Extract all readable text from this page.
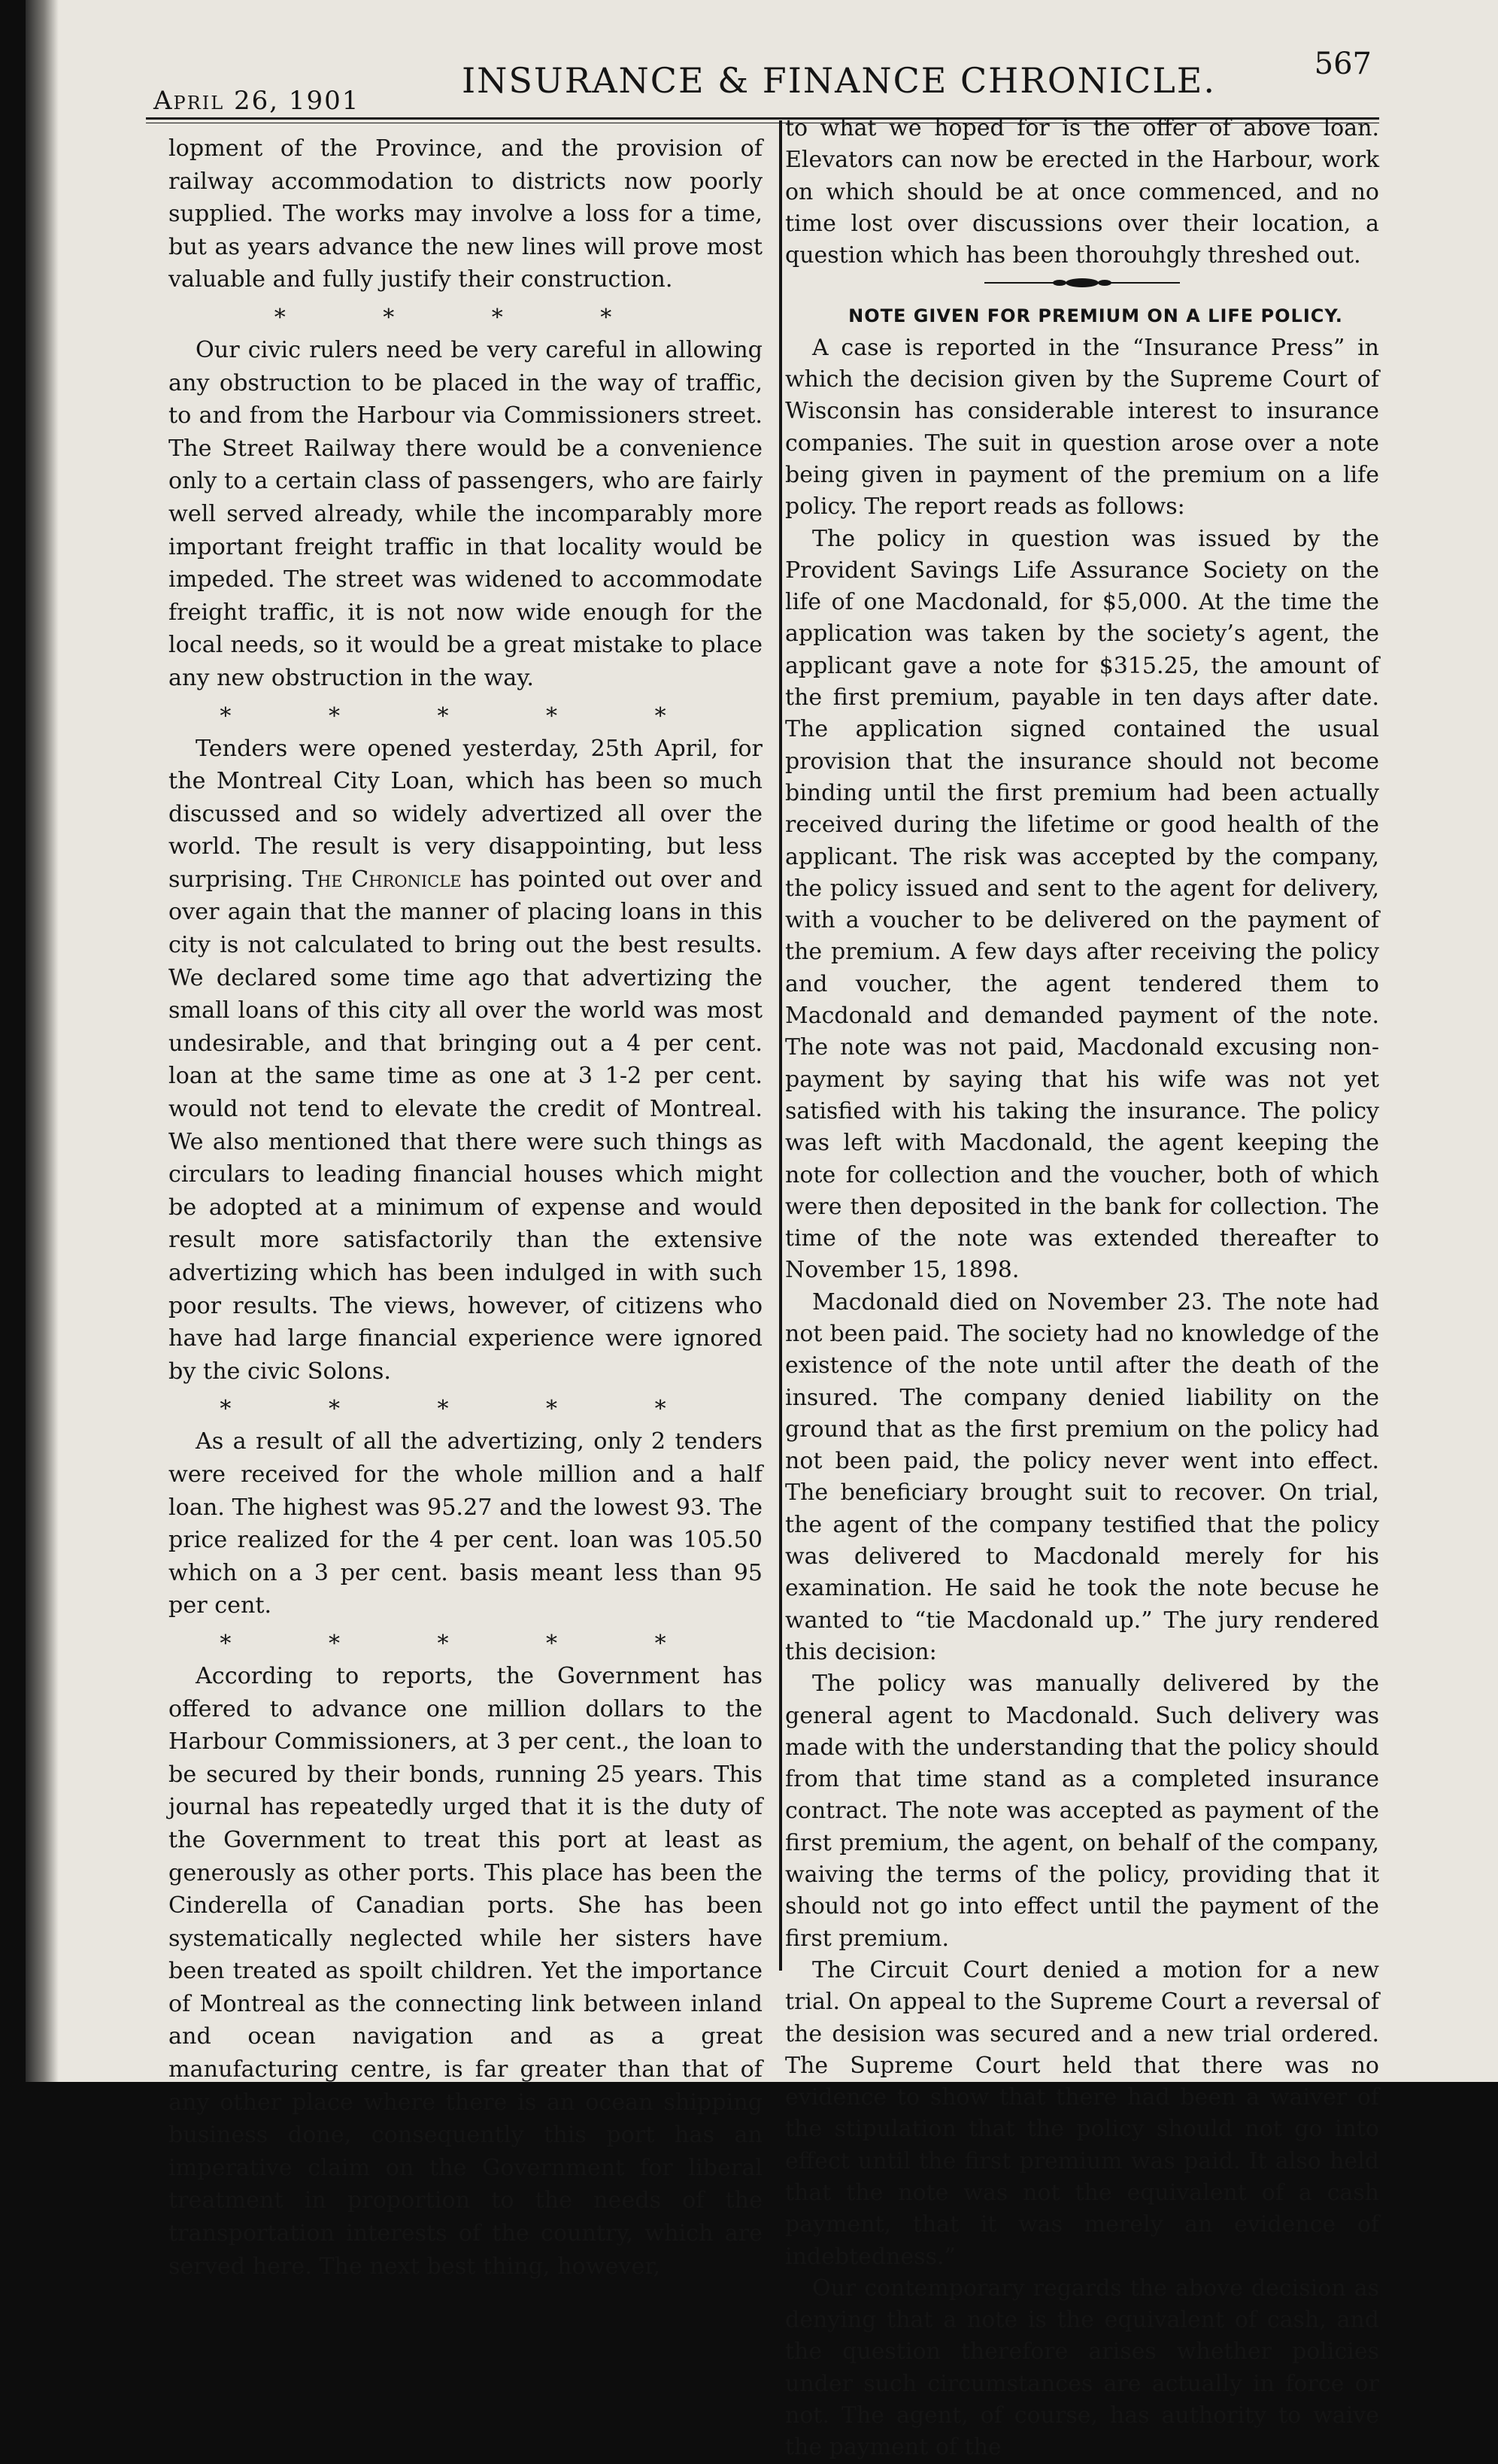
April 26, 1901	INSURANCE & FINANCE CHRONICLE.	567

lopment of the Province, and the provision of railway accommodation to districts now poorly supplied. The works may involve a loss for a time, but as years advance the new lines will prove most valuable and fully justify their construction.

* * * *

Our civic rulers need be very careful in allowing any obstruction to be placed in the way of traffic, to and from the Harbour via Commissioners street. The Street Railway there would be a convenience only to a certain class of passengers, who are fairly well served already, while the incomparably more important freight traffic in that locality would be impeded. The street was widened to accommodate freight traffic, it is not now wide enough for the local needs, so it would be a great mistake to place any new obstruction in the way.

* * * * *

Tenders were opened yesterday, 25th April, for the Montreal City Loan, which has been so much discussed and so widely advertized all over the world. The result is very disappointing, but less surprising. The Chronicle has pointed out over and over again that the manner of placing loans in this city is not calculated to bring out the best results. We declared some time ago that advertizing the small loans of this city all over the world was most undesirable, and that bringing out a 4 per cent. loan at the same time as one at 3 1-2 per cent. would not tend to elevate the credit of Montreal. We also mentioned that there were such things as circulars to leading financial houses which might be adopted at a minimum of expense and would result more satisfactorily than the extensive advertizing which has been indulged in with such poor results. The views, however, of citizens who have had large financial experience were ignored by the civic Solons.

* * * * *

As a result of all the advertizing, only 2 tenders were received for the whole million and a half loan. The highest was 95.27 and the lowest 93. The price realized for the 4 per cent. loan was 105.50 which on a 3 per cent. basis meant less than 95 per cent.

* * * * *

According to reports, the Government has offered to advance one million dollars to the Harbour Commissioners, at 3 per cent., the loan to be secured by their bonds, running 25 years. This journal has repeatedly urged that it is the duty of the Government to treat this port at least as generously as other ports. This place has been the Cinderella of Canadian ports. She has been systematically neglected while her sisters have been treated as spoilt children. Yet the importance of Montreal as the connecting link between inland and ocean navigation and as a great manufacturing centre, is far greater than that of any other place where there is an ocean shipping business done, consequently this port has an imperative claim on the Government for liberal treatment in proportion to the needs of the transportation interests of the country, which are served here. The next best thing, however,

to what we hoped for is the offer of above loan. Elevators can now be erected in the Harbour, work on which should be at once commenced, and no time lost over discussions over their location, a question which has been thorouhgly threshed out.

NOTE GIVEN FOR PREMIUM ON A LIFE POLICY.

A case is reported in the “Insurance Press” in which the decision given by the Supreme Court of Wisconsin has considerable interest to insurance companies. The suit in question arose over a note being given in payment of the premium on a life policy. The report reads as follows:

The policy in question was issued by the Provident Savings Life Assurance Society on the life of one Macdonald, for $5,000. At the time the application was taken by the society’s agent, the applicant gave a note for $315.25, the amount of the first premium, payable in ten days after date. The application signed contained the usual provision that the insurance should not become binding until the first premium had been actually received during the lifetime or good health of the applicant. The risk was accepted by the company, the policy issued and sent to the agent for delivery, with a voucher to be delivered on the payment of the premium. A few days after receiving the policy and voucher, the agent tendered them to Macdonald and demanded payment of the note. The note was not paid, Macdonald excusing non-payment by saying that his wife was not yet satisfied with his taking the insurance. The policy was left with Macdonald, the agent keeping the note for collection and the voucher, both of which were then deposited in the bank for collection. The time of the note was extended thereafter to November 15, 1898.

Macdonald died on November 23. The note had not been paid. The society had no knowledge of the existence of the note until after the death of the insured. The company denied liability on the ground that as the first premium on the policy had not been paid, the policy never went into effect. The beneficiary brought suit to recover. On trial, the agent of the company testified that the policy was delivered to Macdonald merely for his examination. He said he took the note becuse he wanted to “tie Macdonald up.” The jury rendered this decision:

The policy was manually delivered by the general agent to Macdonald. Such delivery was made with the understanding that the policy should from that time stand as a completed insurance contract. The note was accepted as payment of the first premium, the agent, on behalf of the company, waiving the terms of the policy, providing that it should not go into effect until the payment of the first premium.

The Circuit Court denied a motion for a new trial. On appeal to the Supreme Court a reversal of the desision was secured and a new trial ordered. The Supreme Court held that there was no evidence to show that there had been a waiver of the stipulation that the policy should not go into effect until the first premium was paid. It also held that the note was not the equivalent of a cash payment, that it was merely an evidence of indebtedness.”

Our contemporary regards the above decision as denying that a note is the equivalent of cash, and the question therefore arises whether policies under such circumstances are actually in force or not. The agent, of course, has authority to waive the payment of the
